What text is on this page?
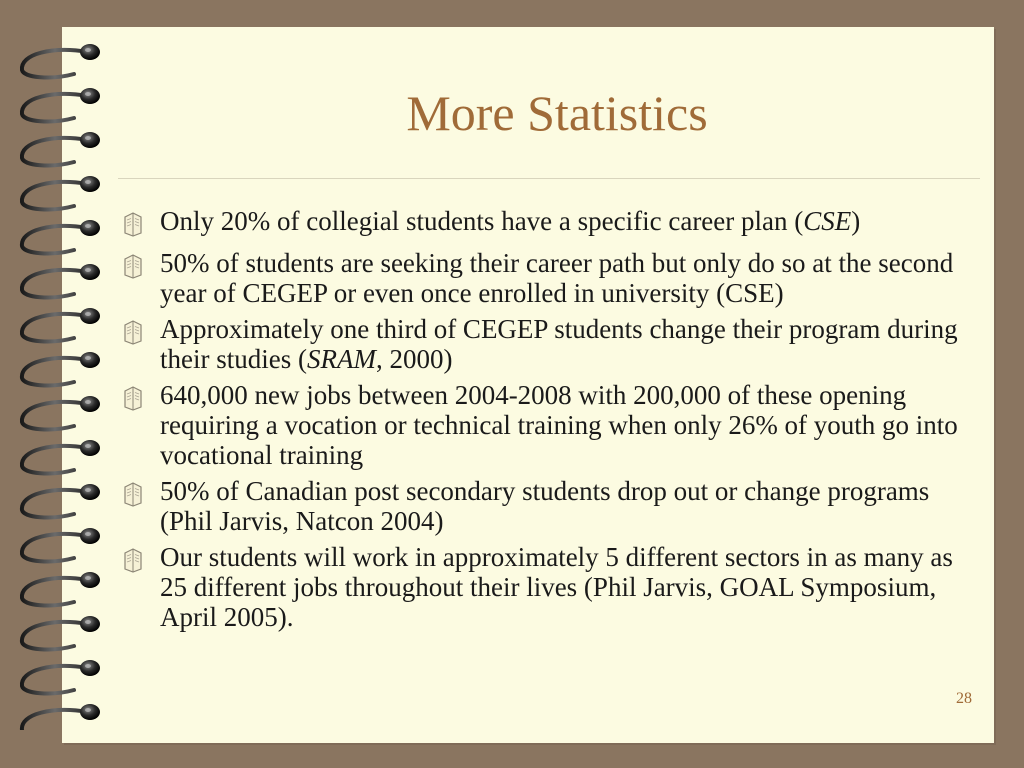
More Statistics
Only 20% of collegial students have a specific career plan (CSE)
50% of students are seeking their career path but only do so at the second year of CEGEP or even once enrolled in university (CSE)
Approximately one third of CEGEP students change their program during their studies (SRAM, 2000)
640,000 new jobs between 2004-2008 with 200,000 of these opening requiring a vocation or technical training when only 26% of youth go into vocational training
50% of Canadian post secondary students drop out or change programs (Phil Jarvis, Natcon 2004)
Our students will work in approximately 5 different sectors in as many as 25 different jobs throughout their lives (Phil Jarvis, GOAL Symposium, April 2005).
28
